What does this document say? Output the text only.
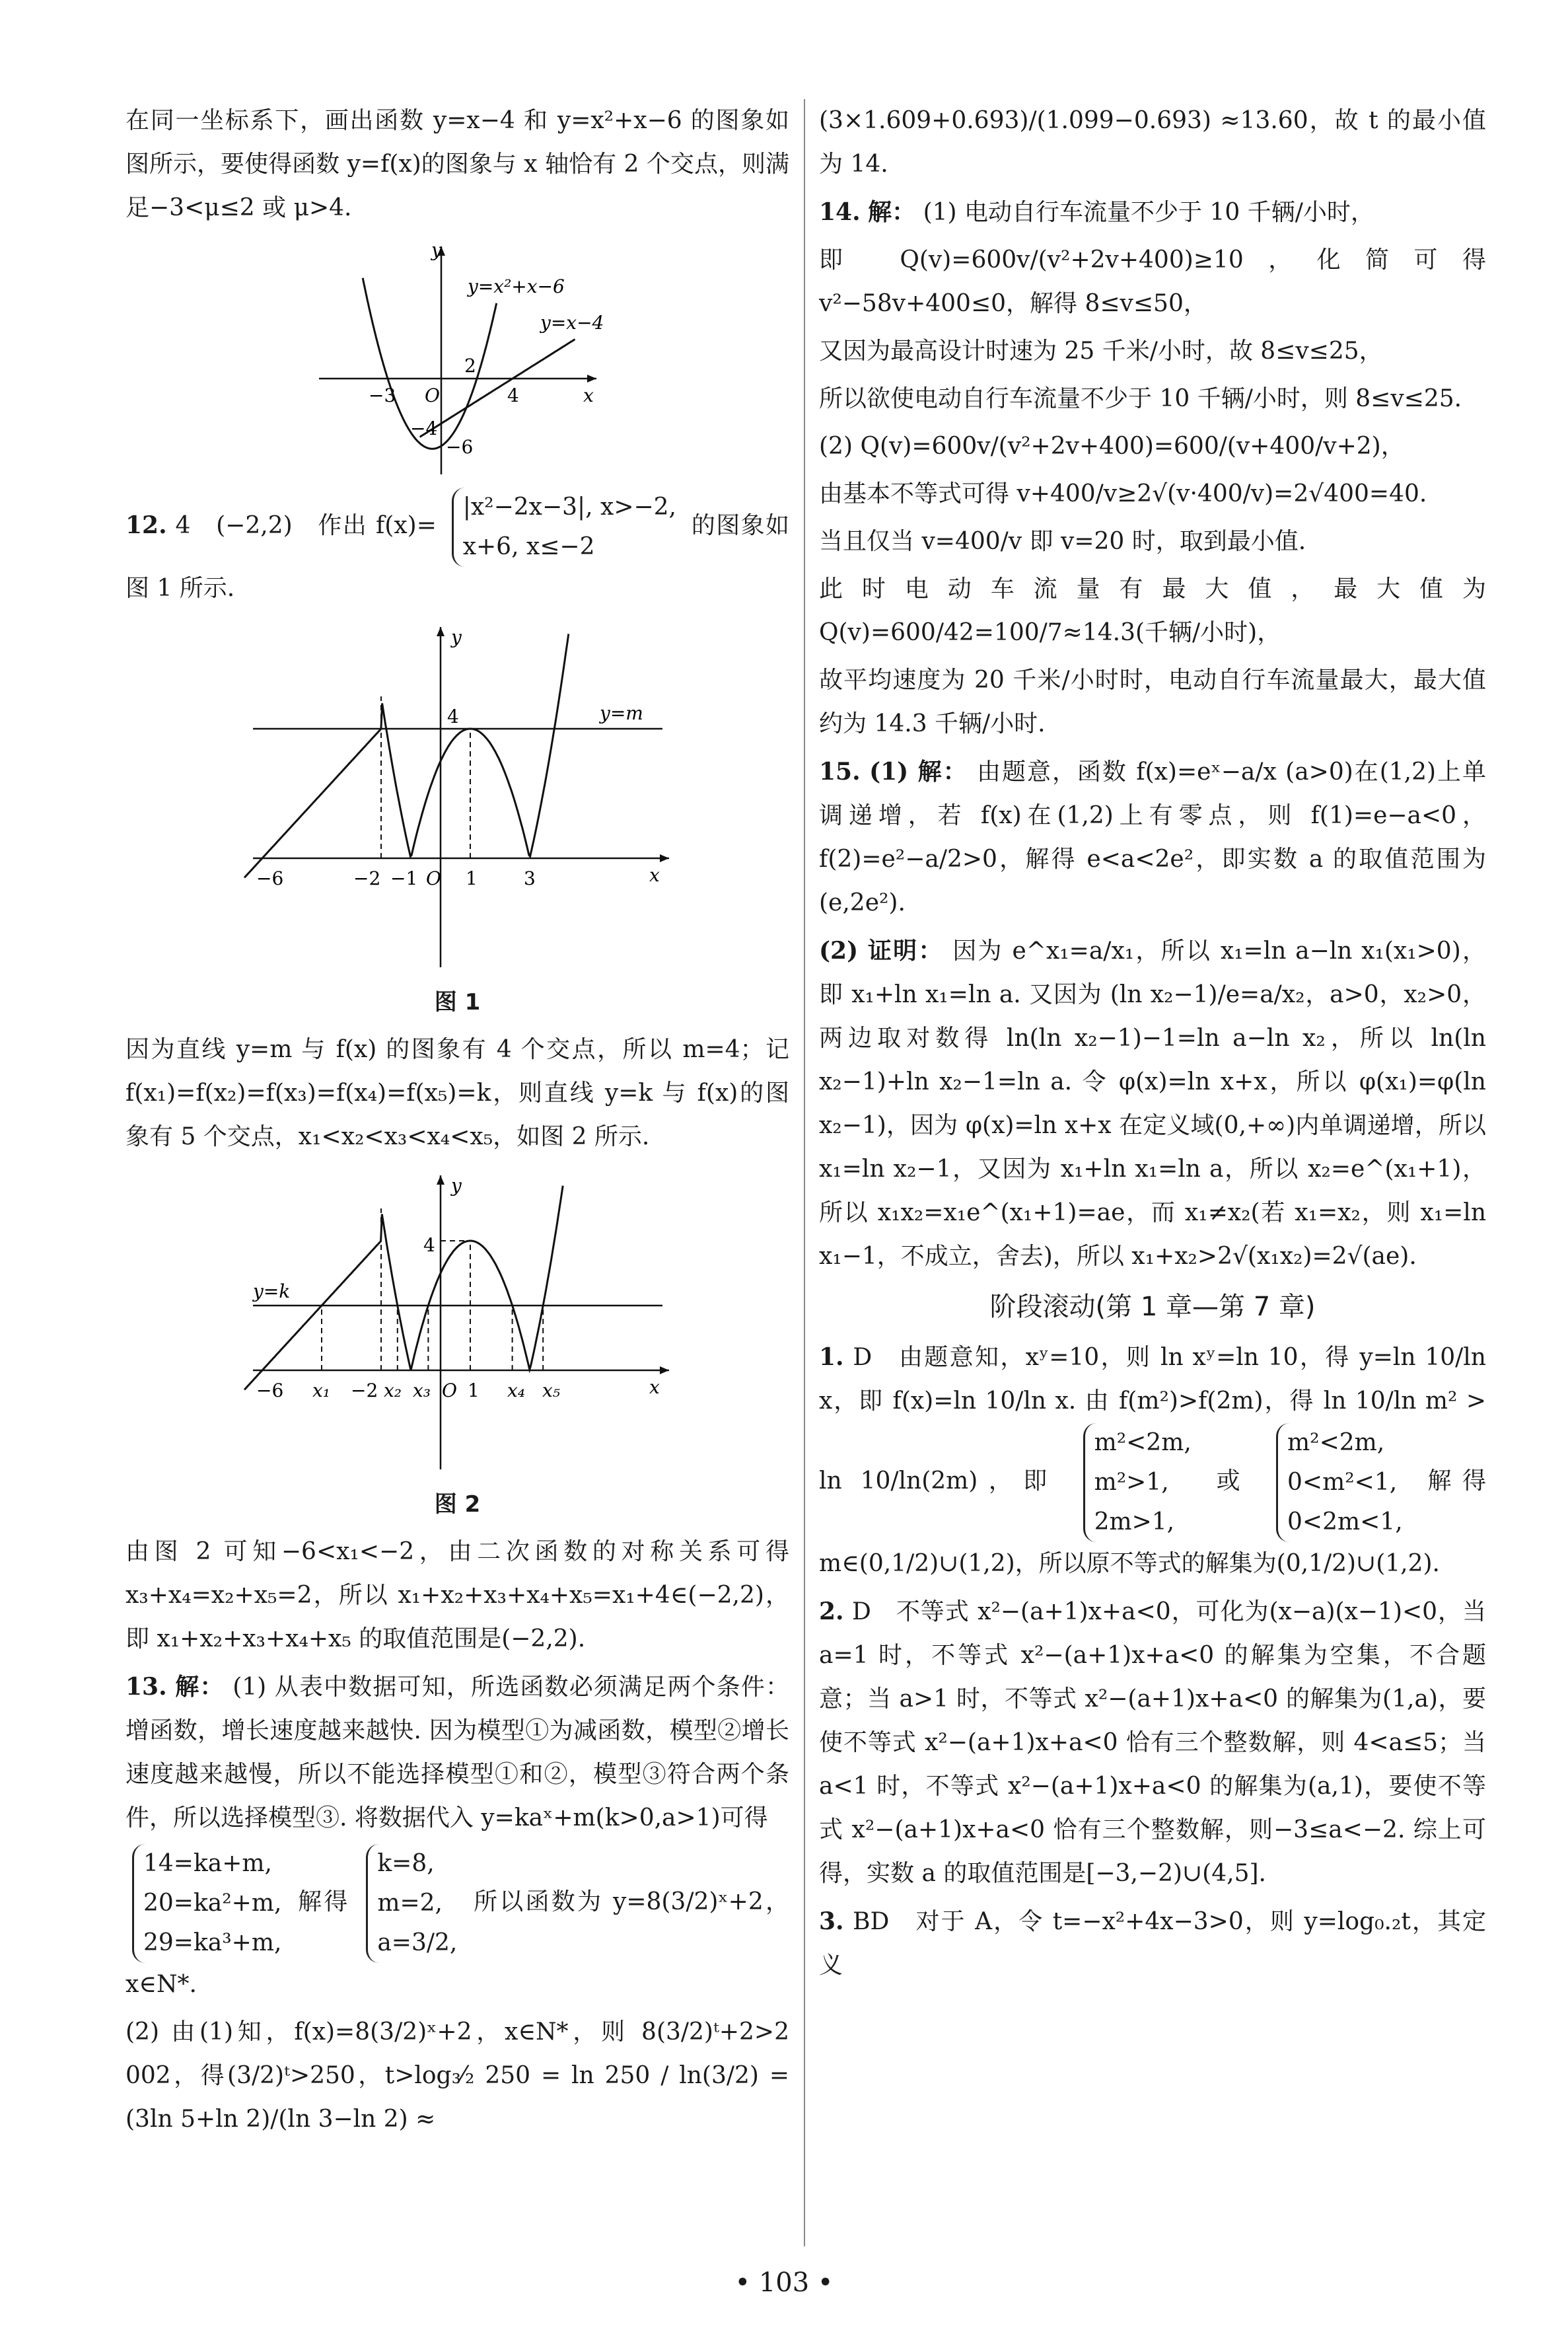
在同一坐标系下，画出函数 y=x−4 和 y=x²+x−6 的图象如图所示，要使得函数 y=f(x)的图象与 x 轴恰有 2 个交点，则满足−3<μ≤2 或 μ>4.

y
x
y=x²+x−6
y=x−4
−3 O
2
4
−4
−6

12. 4　(−2,2)　作出 f(x)= |x²−2x−3|, x>−2,
x+6, x≤−2 的图象如图 1 所示.

y
x
4	y=m
−6	−2 −1 O 1	3
图 1

因为直线 y=m 与 f(x) 的图象有 4 个交点，所以 m=4；记 f(x₁)=f(x₂)=f(x₃)=f(x₄)=f(x₅)=k，则直线 y=k 与 f(x)的图象有 5 个交点，x₁<x₂<x₃<x₄<x₅，如图 2 所示.

y
x
4
y=k
−6 x₁ −2 x₂ x₃ O 1 x₄ x₅
图 2

由图 2 可知−6<x₁<−2，由二次函数的对称关系可得 x₃+x₄=x₂+x₅=2，所以 x₁+x₂+x₃+x₄+x₅=x₁+4∈(−2,2)，即 x₁+x₂+x₃+x₄+x₅ 的取值范围是(−2,2).

13. 解： (1) 从表中数据可知，所选函数必须满足两个条件：增函数，增长速度越来越快. 因为模型①为减函数，模型②增长速度越来越慢，所以不能选择模型①和②，模型③符合两个条件，所以选择模型③. 将数据代入 y=kaˣ+m(k>0,a>1)可得

14=ka+m,
20=ka²+m,
29=ka³+m, 解得 k=8,
m=2,
a=3/2, 所以函数为 y=8(3/2)ˣ+2，x∈N*.

(2) 由(1)知，f(x)=8(3/2)ˣ+2，x∈N*，则 8(3/2)ᵗ+2>2 002，得(3/2)ᵗ>250，t>log₃⁄₂ 250 = ln 250 / ln(3/2) = (3ln 5+ln 2)/(ln 3−ln 2) ≈

(3×1.609+0.693)/(1.099−0.693) ≈13.60，故 t 的最小值为 14.

14. 解： (1) 电动自行车流量不少于 10 千辆/小时，

即 Q(v)=600v/(v²+2v+400)≥10，化简可得 v²−58v+400≤0，解得 8≤v≤50，

又因为最高设计时速为 25 千米/小时，故 8≤v≤25，

所以欲使电动自行车流量不少于 10 千辆/小时，则 8≤v≤25.

(2) Q(v)=600v/(v²+2v+400)=600/(v+400/v+2)，

由基本不等式可得 v+400/v≥2√(v·400/v)=2√400=40.

当且仅当 v=400/v 即 v=20 时，取到最小值.

此时电动车流量有最大值，最大值为 Q(v)=600/42=100/7≈14.3(千辆/小时)，

故平均速度为 20 千米/小时时，电动自行车流量最大，最大值约为 14.3 千辆/小时.

15. (1) 解： 由题意，函数 f(x)=eˣ−a/x (a>0)在(1,2)上单调递增，若 f(x)在(1,2)上有零点，则 f(1)=e−a<0，f(2)=e²−a/2>0，解得 e<a<2e²，即实数 a 的取值范围为(e,2e²).

(2) 证明： 因为 e^x₁=a/x₁，所以 x₁=ln a−ln x₁(x₁>0)，即 x₁+ln x₁=ln a. 又因为 (ln x₂−1)/e=a/x₂，a>0，x₂>0，两边取对数得 ln(ln x₂−1)−1=ln a−ln x₂，所以 ln(ln x₂−1)+ln x₂−1=ln a. 令 φ(x)=ln x+x，所以 φ(x₁)=φ(ln x₂−1)，因为 φ(x)=ln x+x 在定义域(0,+∞)内单调递增，所以 x₁=ln x₂−1，又因为 x₁+ln x₁=ln a，所以 x₂=e^(x₁+1)，所以 x₁x₂=x₁e^(x₁+1)=ae，而 x₁≠x₂(若 x₁=x₂，则 x₁=ln x₁−1，不成立，舍去)，所以 x₁+x₂>2√(x₁x₂)=2√(ae).

阶段滚动(第 1 章—第 7 章)

1. D　由题意知，xʸ=10，则 ln xʸ=ln 10，得 y=ln 10/ln x，即 f(x)=ln 10/ln x. 由 f(m²)>f(2m)，得 ln 10/ln m² > ln 10/ln(2m)，即 m²<2m,
m²>1,
2m>1, 或 m²<2m,
0<m²<1,
0<2m<1, 解得 m∈(0,1/2)∪(1,2)，所以原不等式的解集为(0,1/2)∪(1,2).

2. D　不等式 x²−(a+1)x+a<0，可化为(x−a)(x−1)<0，当 a=1 时，不等式 x²−(a+1)x+a<0 的解集为空集，不合题意；当 a>1 时，不等式 x²−(a+1)x+a<0 的解集为(1,a)，要使不等式 x²−(a+1)x+a<0 恰有三个整数解，则 4<a≤5；当 a<1 时，不等式 x²−(a+1)x+a<0 的解集为(a,1)，要使不等式 x²−(a+1)x+a<0 恰有三个整数解，则−3≤a<−2. 综上可得，实数 a 的取值范围是[−3,−2)∪(4,5].

3. BD　对于 A，令 t=−x²+4x−3>0，则 y=log₀.₂t，其定义

• 103 •
